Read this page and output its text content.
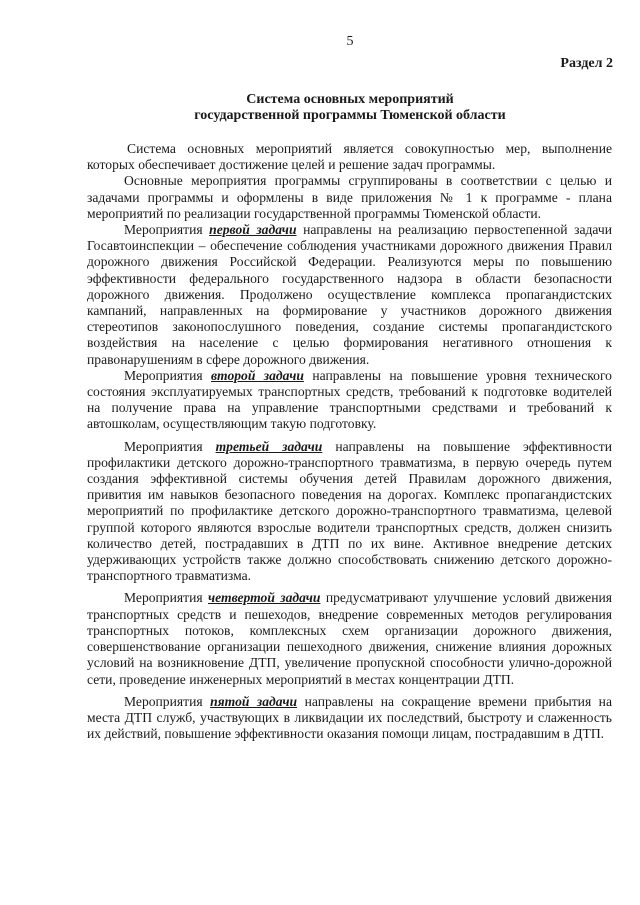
5
Раздел 2
Система основных мероприятий
государственной программы Тюменской области

Система основных мероприятий является совокупностью мер, выполнение которых обеспечивает достижение целей и решение задач программы.

Основные мероприятия программы сгруппированы в соответствии с целью и задачами программы и оформлены в виде приложения № 1 к программе - плана мероприятий по реализации государственной программы Тюменской области.

Мероприятия первой задачи направлены на реализацию первостепенной задачи Госавтоинспекции – обеспечение соблюдения участниками дорожного движения Правил дорожного движения Российской Федерации. Реализуются меры по повышению эффективности федерального государственного надзора в области безопасности дорожного движения. Продолжено осуществление комплекса пропагандистских кампаний, направленных на формирование у участников дорожного движения стереотипов законопослушного поведения, создание системы пропагандистского воздействия на население с целью формирования негативного отношения к правонарушениям в сфере дорожного движения.

Мероприятия второй задачи направлены на повышение уровня технического состояния эксплуатируемых транспортных средств, требований к подготовке водителей на получение права на управление транспортными средствами и требований к автошколам, осуществляющим такую подготовку.

Мероприятия третьей задачи направлены на повышение эффективности профилактики детского дорожно-транспортного травматизма, в первую очередь путем создания эффективной системы обучения детей Правилам дорожного движения, привития им навыков безопасного поведения на дорогах. Комплекс пропагандистских мероприятий по профилактике детского дорожно-транспортного травматизма, целевой группой которого являются взрослые водители транспортных средств, должен снизить количество детей, пострадавших в ДТП по их вине. Активное внедрение детских удерживающих устройств также должно способствовать снижению детского дорожно-транспортного травматизма.

Мероприятия четвертой задачи предусматривают улучшение условий движения транспортных средств и пешеходов, внедрение современных методов регулирования транспортных потоков, комплексных схем организации дорожного движения, совершенствование организации пешеходного движения, снижение влияния дорожных условий на возникновение ДТП, увеличение пропускной способности улично-дорожной сети, проведение инженерных мероприятий в местах концентрации ДТП.

Мероприятия пятой задачи направлены на сокращение времени прибытия на места ДТП служб, участвующих в ликвидации их последствий, быстроту и слаженность их действий, повышение эффективности оказания помощи лицам, пострадавшим в ДТП.
